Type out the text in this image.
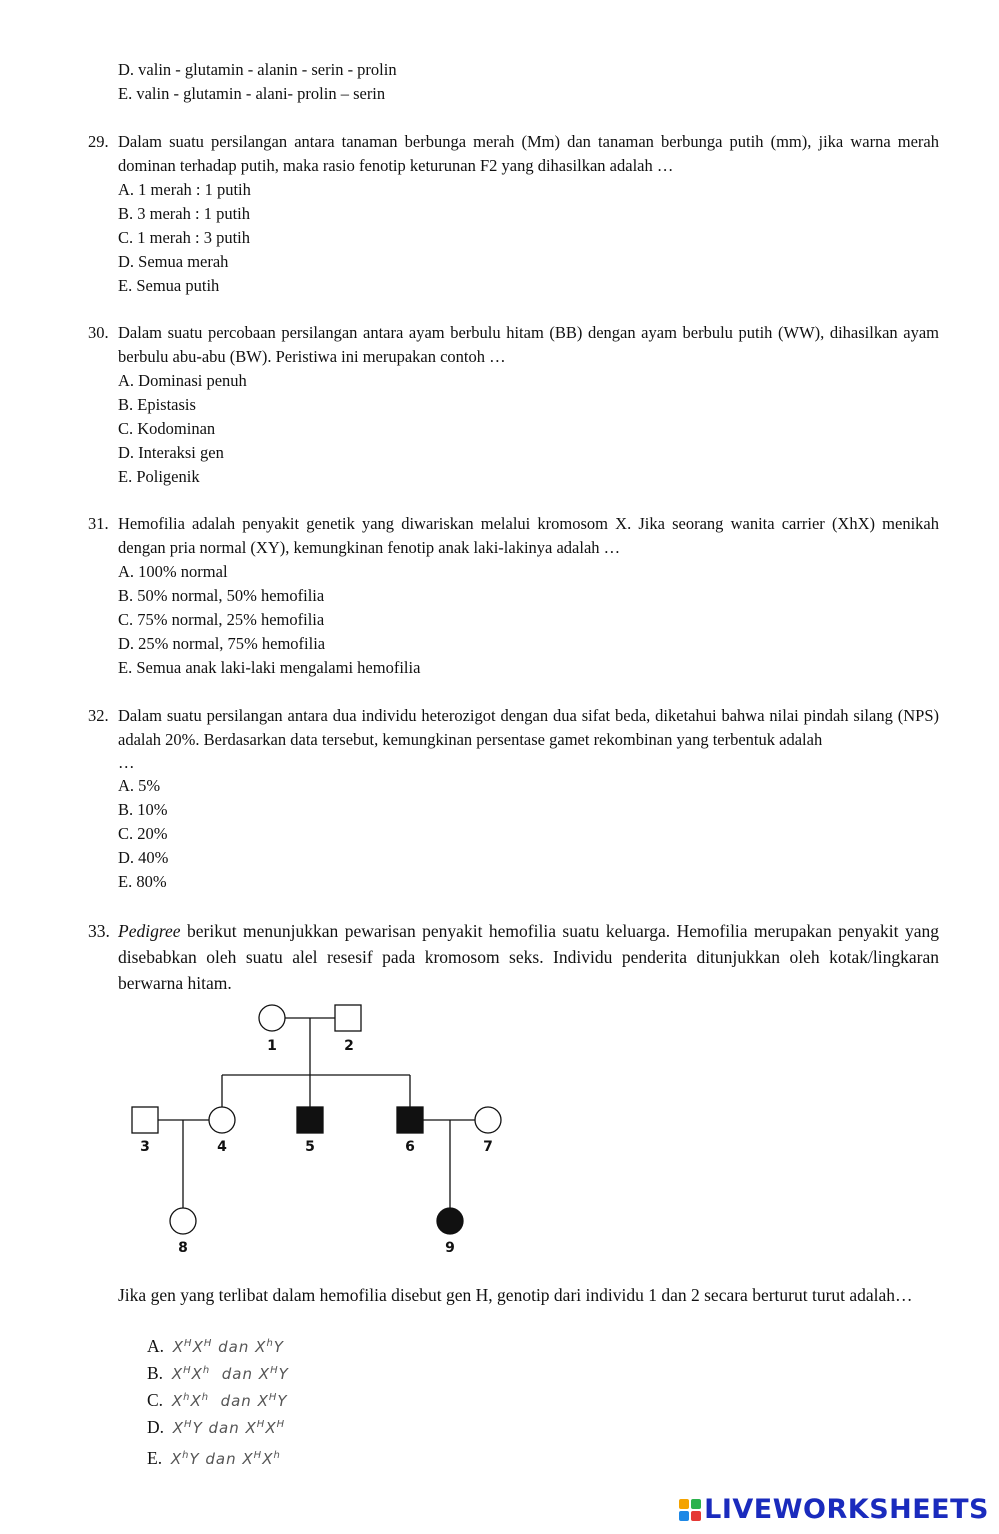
D. valin - glutamin - alanin - serin - prolin
E. valin - glutamin - alani- prolin – serin
29. Dalam suatu persilangan antara tanaman berbunga merah (Mm) dan tanaman berbunga putih (mm), jika warna merah dominan terhadap putih, maka rasio fenotip keturunan F2 yang dihasilkan adalah …
A. 1 merah : 1 putih
B. 3 merah : 1 putih
C. 1 merah : 3 putih
D. Semua merah
E. Semua putih
30. Dalam suatu percobaan persilangan antara ayam berbulu hitam (BB) dengan ayam berbulu putih (WW), dihasilkan ayam berbulu abu-abu (BW). Peristiwa ini merupakan contoh …
A. Dominasi penuh
B. Epistasis
C. Kodominan
D. Interaksi gen
E. Poligenik
31. Hemofilia adalah penyakit genetik yang diwariskan melalui kromosom X. Jika seorang wanita carrier (XhX) menikah dengan pria normal (XY), kemungkinan fenotip anak laki-lakinya adalah …
A. 100% normal
B. 50% normal, 50% hemofilia
C. 75% normal, 25% hemofilia
D. 25% normal, 75% hemofilia
E. Semua anak laki-laki mengalami hemofilia
32. Dalam suatu persilangan antara dua individu heterozigot dengan dua sifat beda, diketahui bahwa nilai pindah silang (NPS) adalah 20%. Berdasarkan data tersebut, kemungkinan persentase gamet rekombinan yang terbentuk adalah
…
A. 5%
B. 10%
C. 20%
D. 40%
E. 80%
33. Pedigree berikut menunjukkan pewarisan penyakit hemofilia suatu keluarga. Hemofilia merupakan penyakit yang disebabkan oleh suatu alel resesif pada kromosom seks. Individu penderita ditunjukkan oleh kotak/lingkaran berwarna hitam.
1	2
3	4	5	6	7
8	9
Jika gen yang terlibat dalam hemofilia disebut gen H, genotip dari individu 1 dan 2 secara berturut turut adalah…
A. $X^HX^H$ dan $X^hY$
B. $X^HX^h$  dan $X^HY$
C. $X^hX^h$  dan $X^HY$
D. $X^HY$ dan $X^HX^H$
E. $X^hY$ dan $X^HX^h$
LIVEWORKSHEETS
